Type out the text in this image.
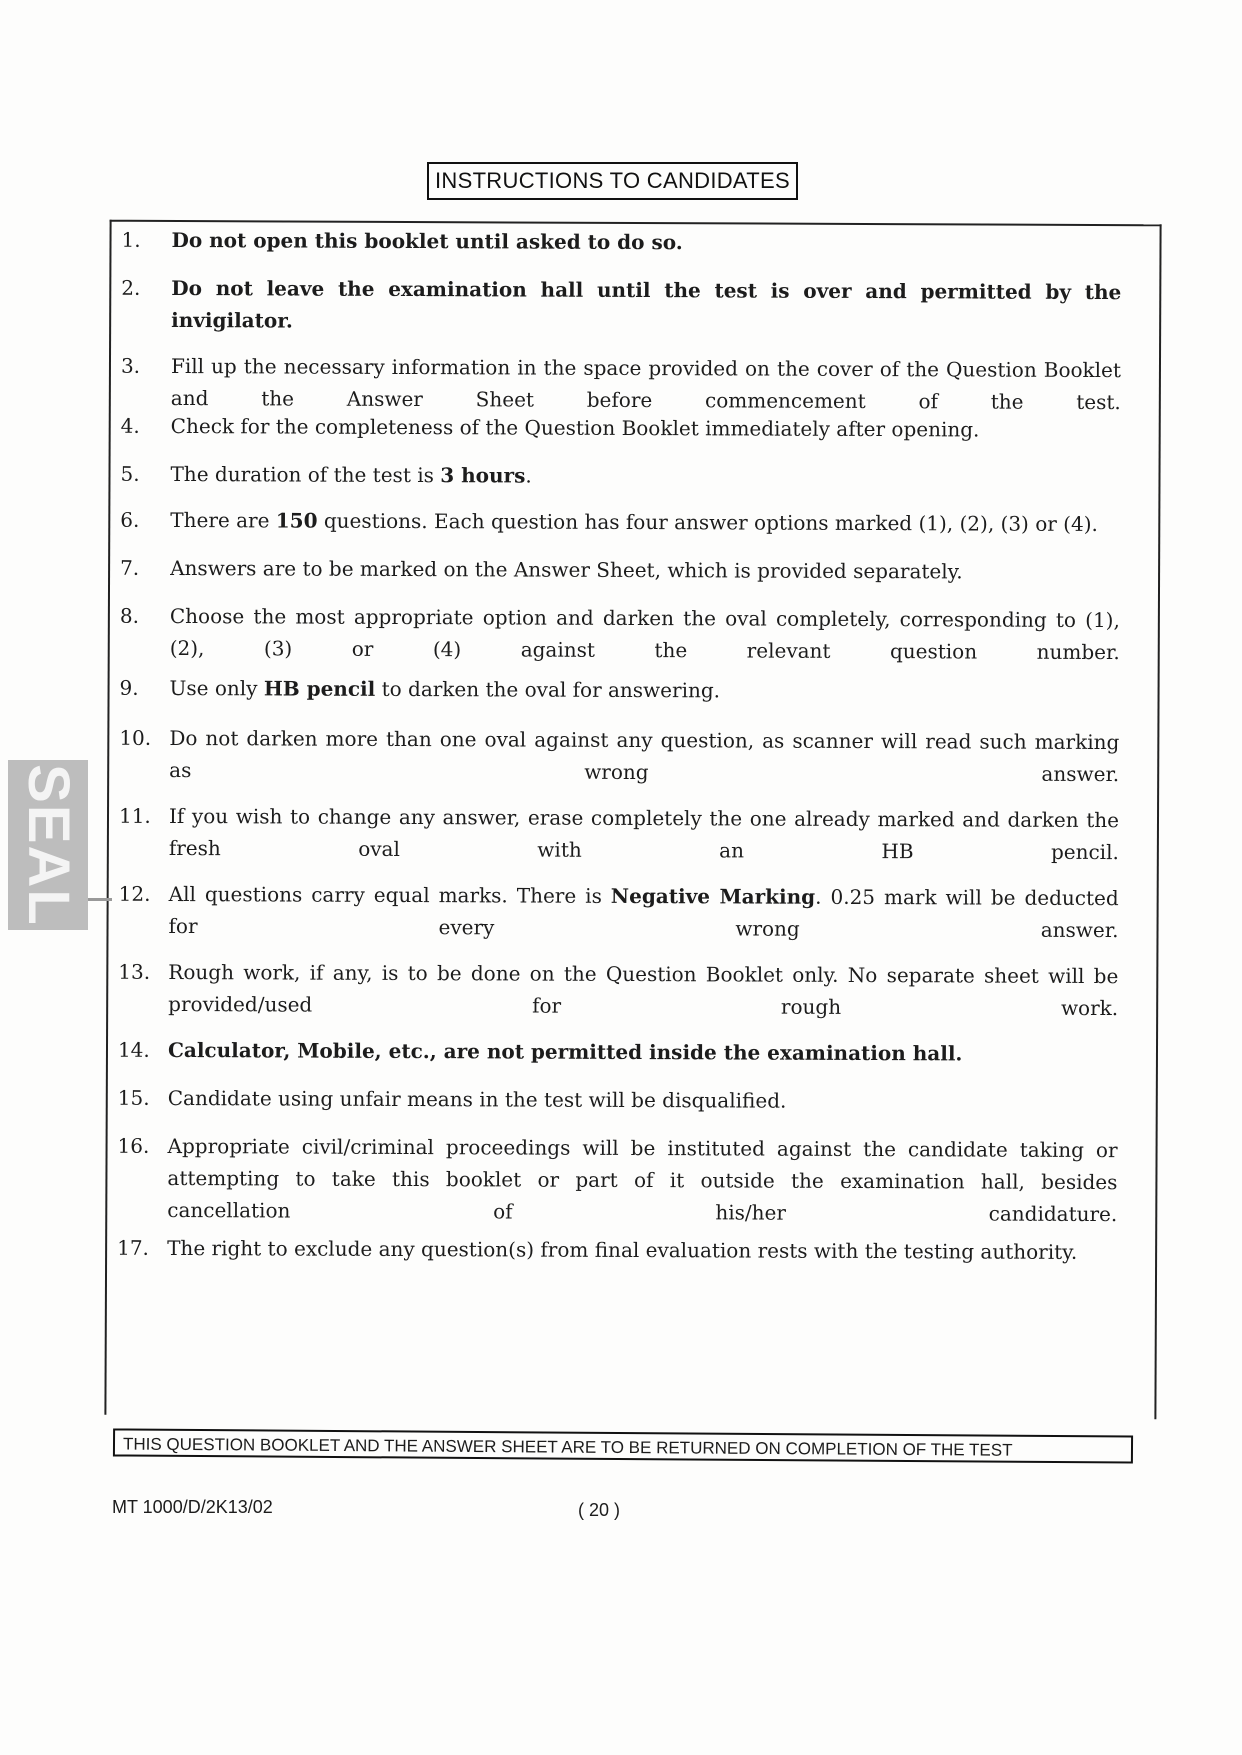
INSTRUCTIONS TO CANDIDATES
1.	Do not open this booklet until asked to do so.
2.	Do not leave the examination hall until the test is over and permitted by the invigilator.
3.	Fill up the necessary information in the space provided on the cover of the Question Booklet and the Answer Sheet before commencement of the test.
4.	Check for the completeness of the Question Booklet immediately after opening.
5.	The duration of the test is 3 hours.
6.	There are 150 questions. Each question has four answer options marked (1), (2), (3) or (4).
7.	Answers are to be marked on the Answer Sheet, which is provided separately.
8.	Choose the most appropriate option and darken the oval completely, corresponding to (1), (2), (3) or (4) against the relevant question number.
9.	Use only HB pencil to darken the oval for answering.
10. Do not darken more than one oval against any question, as scanner will read such marking as wrong answer.
11. If you wish to change any answer, erase completely the one already marked and darken the fresh oval with an HB pencil.
12. All questions carry equal marks. There is Negative Marking. 0.25 mark will be deducted for every wrong answer.
13. Rough work, if any, is to be done on the Question Booklet only. No separate sheet will be provided/used for rough work.
14. Calculator, Mobile, etc., are not permitted inside the examination hall.
15. Candidate using unfair means in the test will be disqualified.
16. Appropriate civil/criminal proceedings will be instituted against the candidate taking or attempting to take this booklet or part of it outside the examination hall, besides cancellation of his/her candidature.
17. The right to exclude any question(s) from final evaluation rests with the testing authority.
THIS QUESTION BOOKLET AND THE ANSWER SHEET ARE TO BE RETURNED ON COMPLETION OF THE TEST
MT 1000/D/2K13/02	( 20 )
SEAL
